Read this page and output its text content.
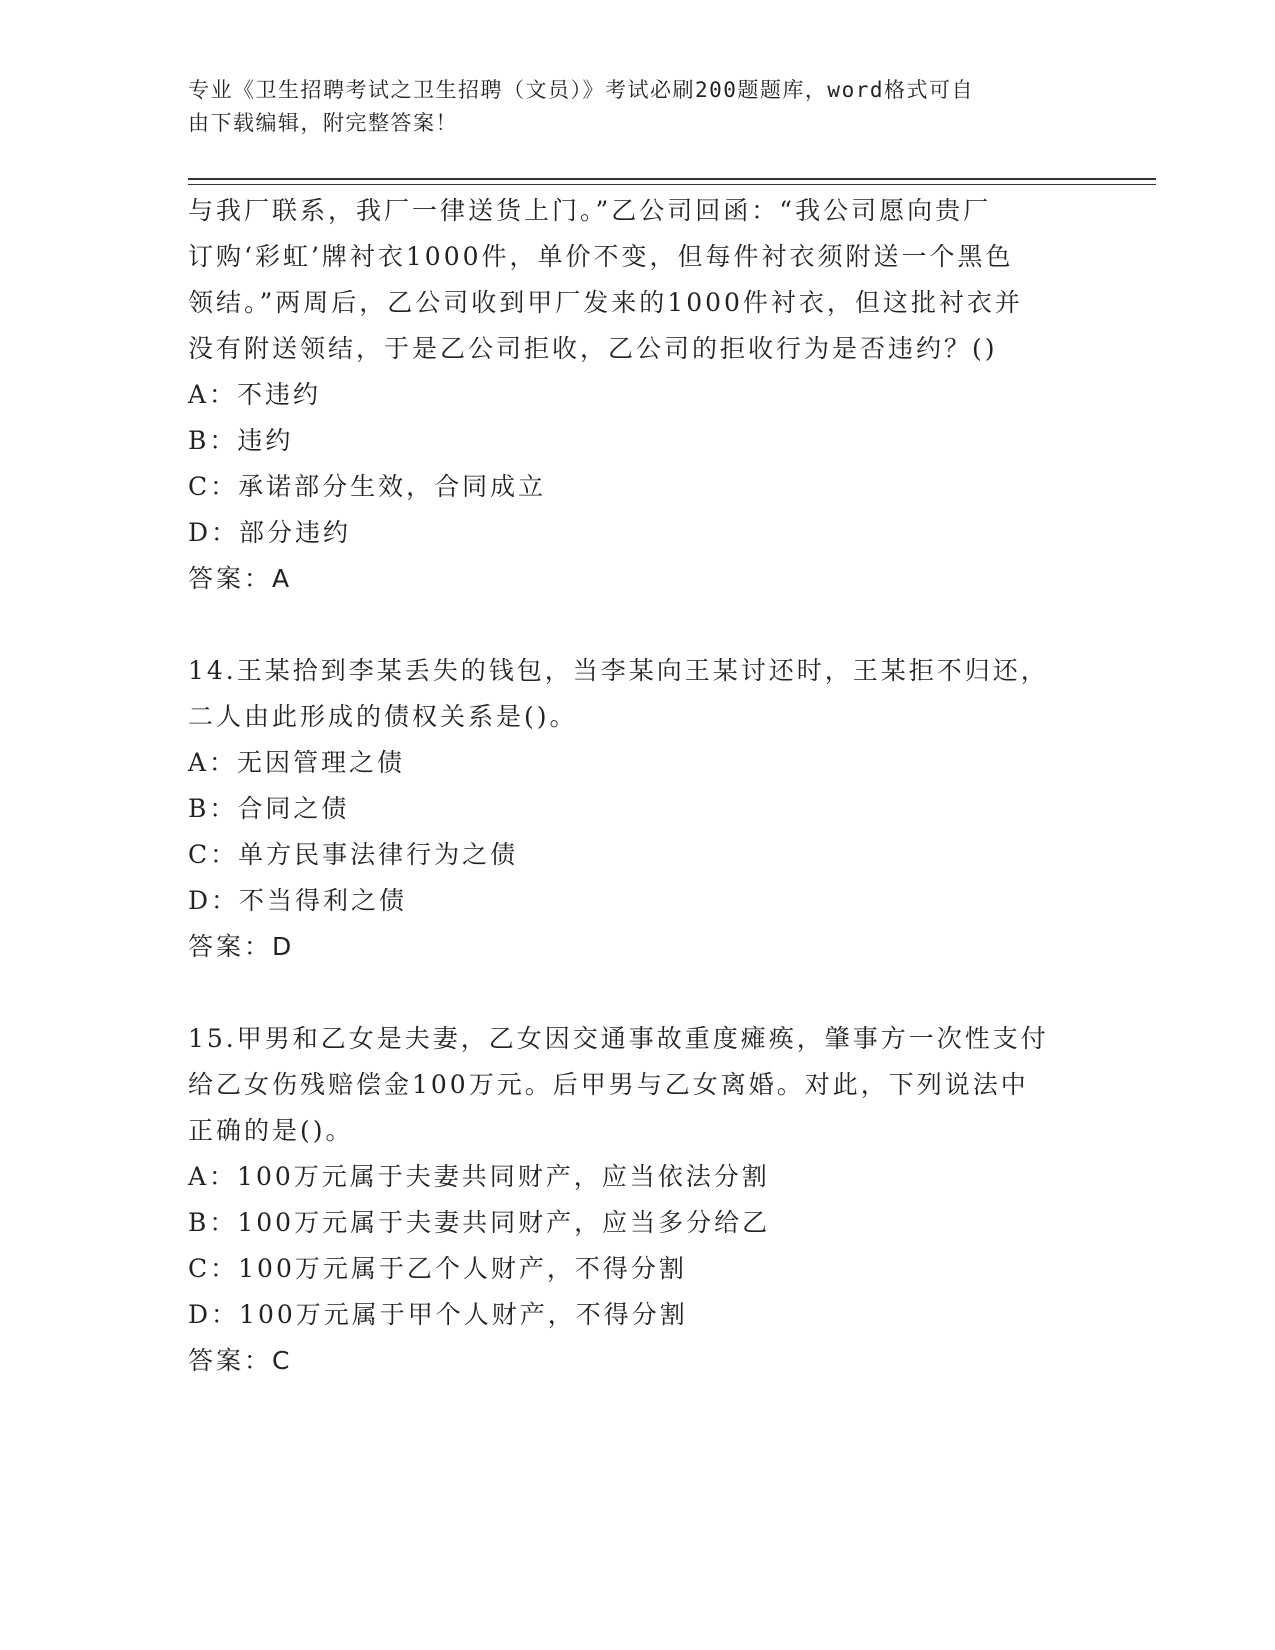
专业《卫生招聘考试之卫生招聘（文员）》考试必刷200题题库，word格式可自
由下载编辑，附完整答案！
与我厂联系，我厂一律送货上门。”乙公司回函：“我公司愿向贵厂
订购‘彩虹’牌衬衣1000件，单价不变，但每件衬衣须附送一个黑色
领结。”两周后，乙公司收到甲厂发来的1000件衬衣，但这批衬衣并
没有附送领结，于是乙公司拒收，乙公司的拒收行为是否违约？()
A：不违约
B：违约
C：承诺部分生效，合同成立
D：部分违约
答案：A
14.王某拾到李某丢失的钱包，当李某向王某讨还时，王某拒不归还，
二人由此形成的债权关系是()。
A：无因管理之债
B：合同之债
C：单方民事法律行为之债
D：不当得利之债
答案：D
15.甲男和乙女是夫妻，乙女因交通事故重度瘫痪，肇事方一次性支付
给乙女伤残赔偿金100万元。后甲男与乙女离婚。对此，下列说法中
正确的是()。
A：100万元属于夫妻共同财产，应当依法分割
B：100万元属于夫妻共同财产，应当多分给乙
C：100万元属于乙个人财产，不得分割
D：100万元属于甲个人财产，不得分割
答案：C
